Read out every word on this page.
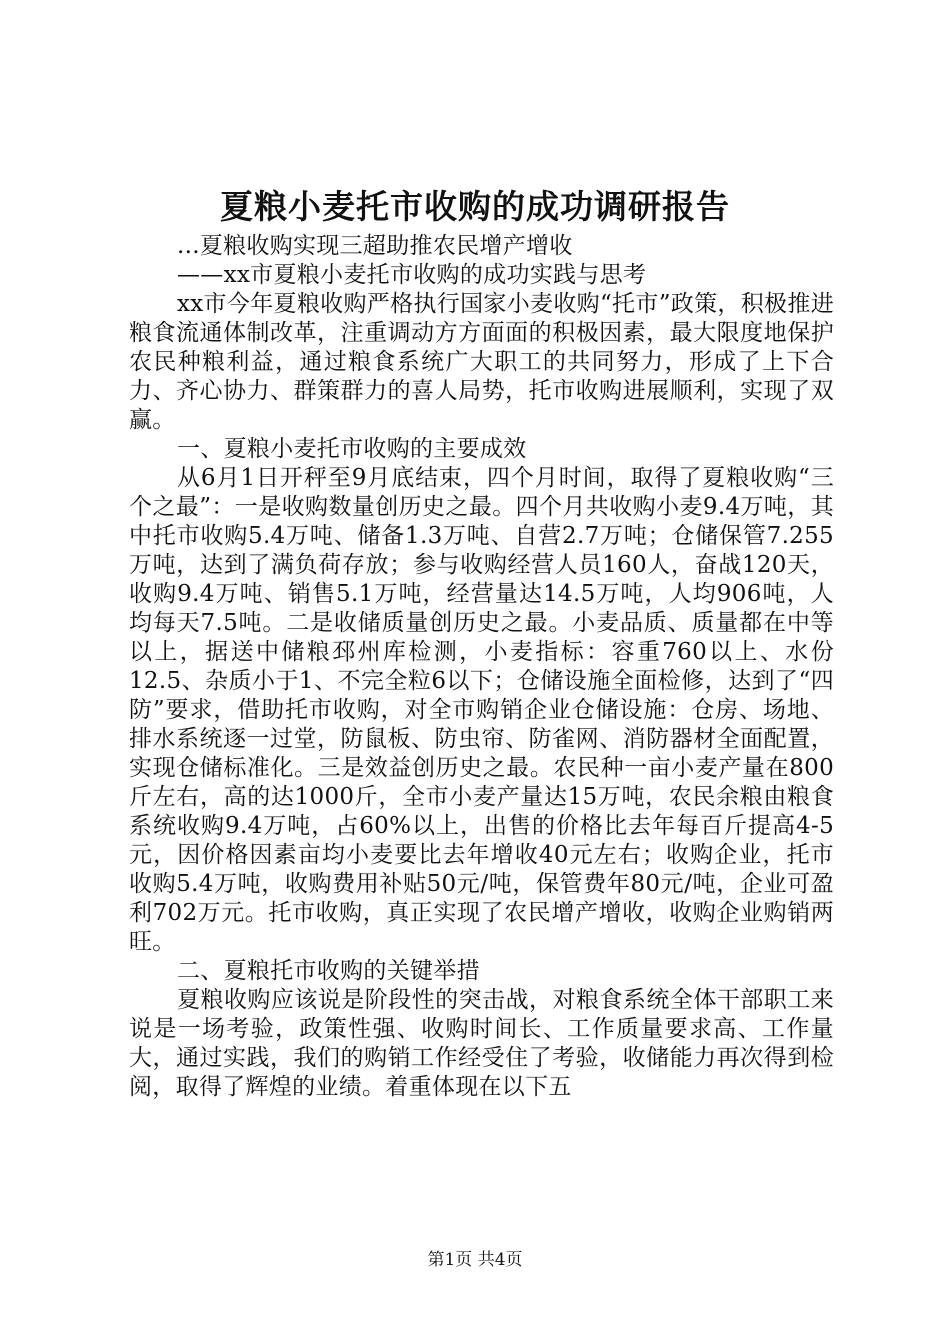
夏粮小麦托市收购的成功调研报告

...夏粮收购实现三超助推农民增产增收

——xx市夏粮小麦托市收购的成功实践与思考

xx市今年夏粮收购严格执行国家小麦收购“托市”政策，积极推进粮食流通体制改革，注重调动方方面面的积极因素，最大限度地保护农民种粮利益，通过粮食系统广大职工的共同努力，形成了上下合力、齐心协力、群策群力的喜人局势，托市收购进展顺利，实现了双赢。

一、夏粮小麦托市收购的主要成效

从6月1日开秤至9月底结束，四个月时间，取得了夏粮收购“三个之最”：一是收购数量创历史之最。四个月共收购小麦9.4万吨，其中托市收购5.4万吨、储备1.3万吨、自营2.7万吨；仓储保管7.255万吨，达到了满负荷存放；参与收购经营人员160人，奋战120天，收购9.4万吨、销售5.1万吨，经营量达14.5万吨，人均906吨，人均每天7.5吨。二是收储质量创历史之最。小麦品质、质量都在中等以上，据送中储粮邳州库检测，小麦指标：容重760以上、水份12.5、杂质小于1、不完全粒6以下；仓储设施全面检修，达到了“四防”要求，借助托市收购，对全市购销企业仓储设施：仓房、场地、排水系统逐一过堂，防鼠板、防虫帘、防雀网、消防器材全面配置，实现仓储标准化。三是效益创历史之最。农民种一亩小麦产量在800斤左右，高的达1000斤，全市小麦产量达15万吨，农民余粮由粮食系统收购9.4万吨，占60%以上，出售的价格比去年每百斤提高4-5元，因价格因素亩均小麦要比去年增收40元左右；收购企业，托市收购5.4万吨，收购费用补贴50元/吨，保管费年80元/吨，企业可盈利702万元。托市收购，真正实现了农民增产增收，收购企业购销两旺。

二、夏粮托市收购的关键举措

夏粮收购应该说是阶段性的突击战，对粮食系统全体干部职工来说是一场考验，政策性强、收购时间长、工作质量要求高、工作量大，通过实践，我们的购销工作经受住了考验，收储能力再次得到检阅，取得了辉煌的业绩。着重体现在以下五

第1页 共4页
